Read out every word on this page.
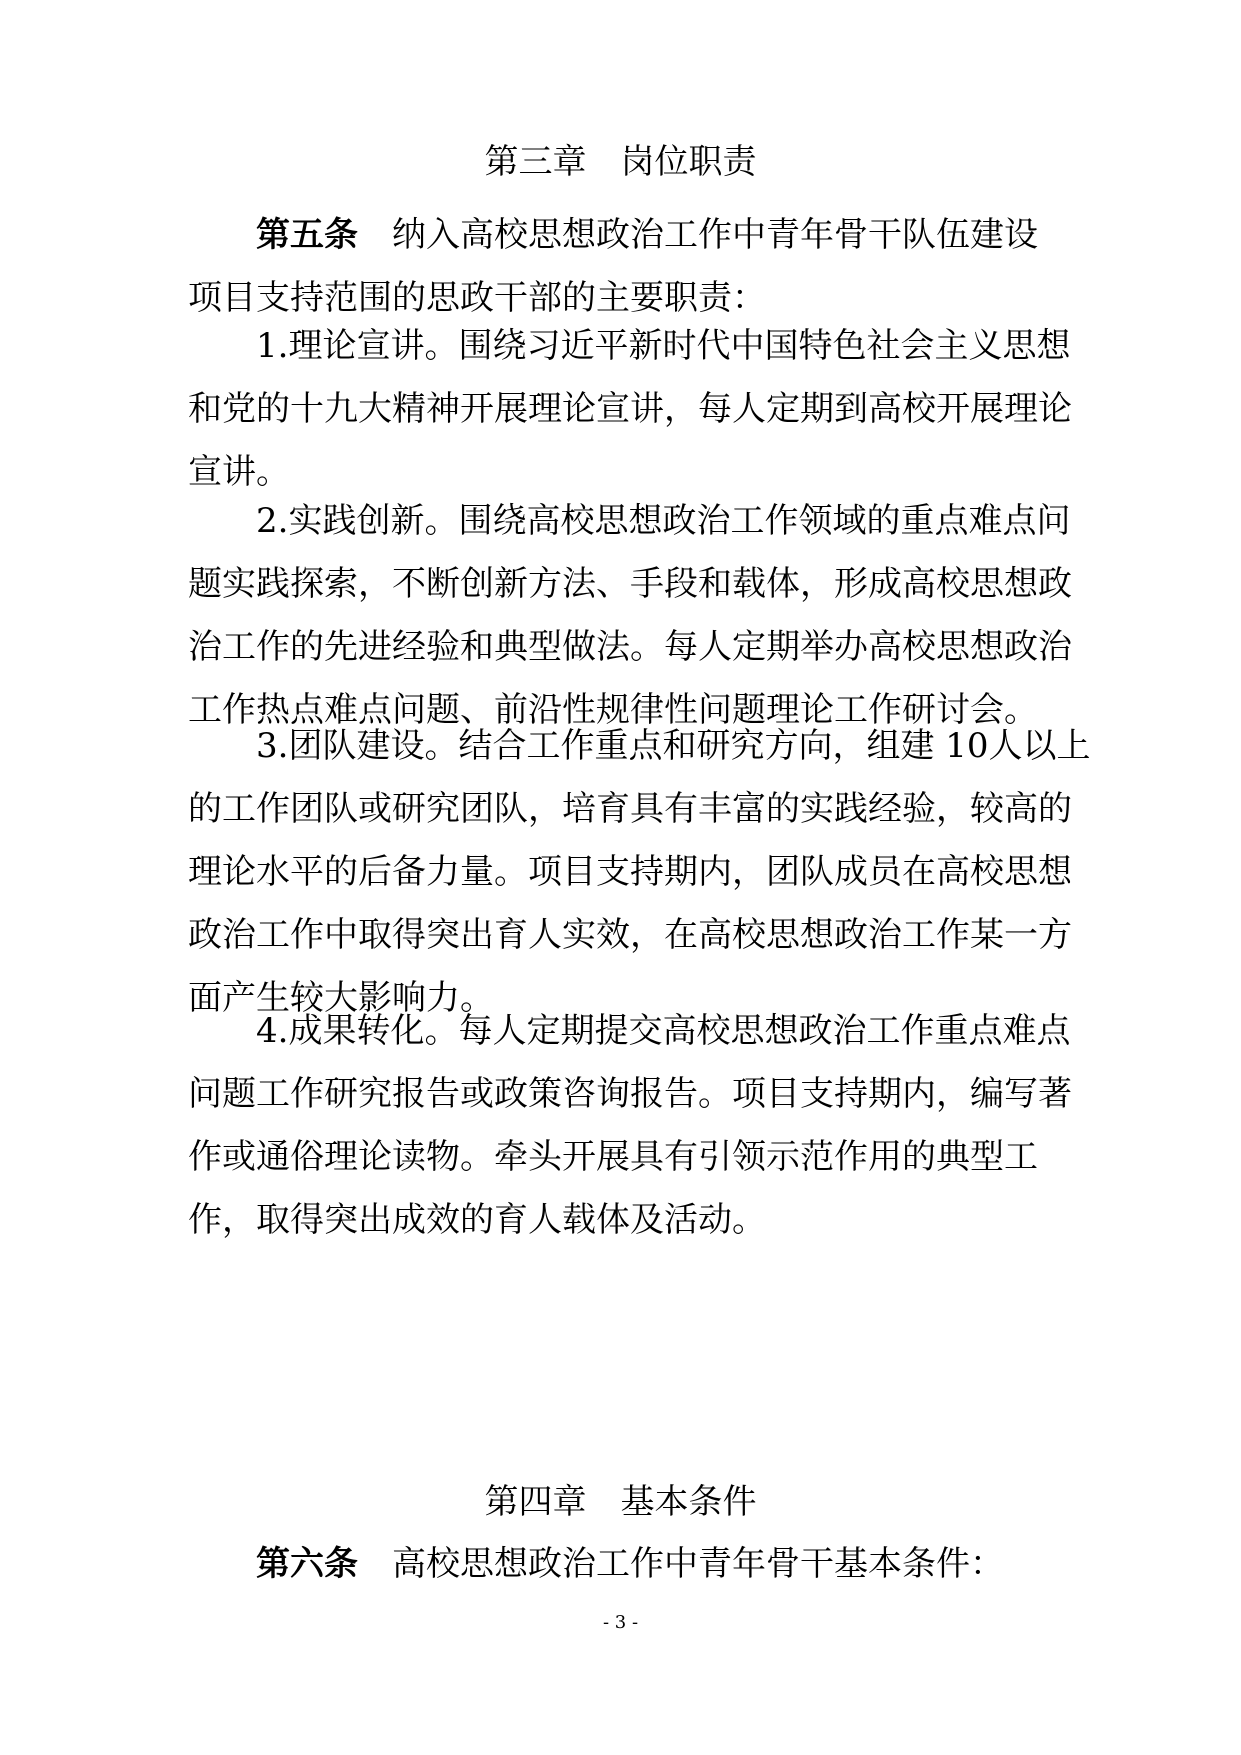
第三章　岗位职责
第五条　纳入高校思想政治工作中青年骨干队伍建设
项目支持范围的思政干部的主要职责：
1.理论宣讲。围绕习近平新时代中国特色社会主义思想
和党的十九大精神开展理论宣讲，每人定期到高校开展理论
宣讲。
2.实践创新。围绕高校思想政治工作领域的重点难点问
题实践探索，不断创新方法、手段和载体，形成高校思想政
治工作的先进经验和典型做法。每人定期举办高校思想政治
工作热点难点问题、前沿性规律性问题理论工作研讨会。
3.团队建设。结合工作重点和研究方向，组建 10人以上
的工作团队或研究团队，培育具有丰富的实践经验，较高的
理论水平的后备力量。项目支持期内，团队成员在高校思想
政治工作中取得突出育人实效，在高校思想政治工作某一方
面产生较大影响力。
4.成果转化。每人定期提交高校思想政治工作重点难点
问题工作研究报告或政策咨询报告。项目支持期内，编写著
作或通俗理论读物。牵头开展具有引领示范作用的典型工
作，取得突出成效的育人载体及活动。
第四章　基本条件
第六条　高校思想政治工作中青年骨干基本条件：
- 3 -
